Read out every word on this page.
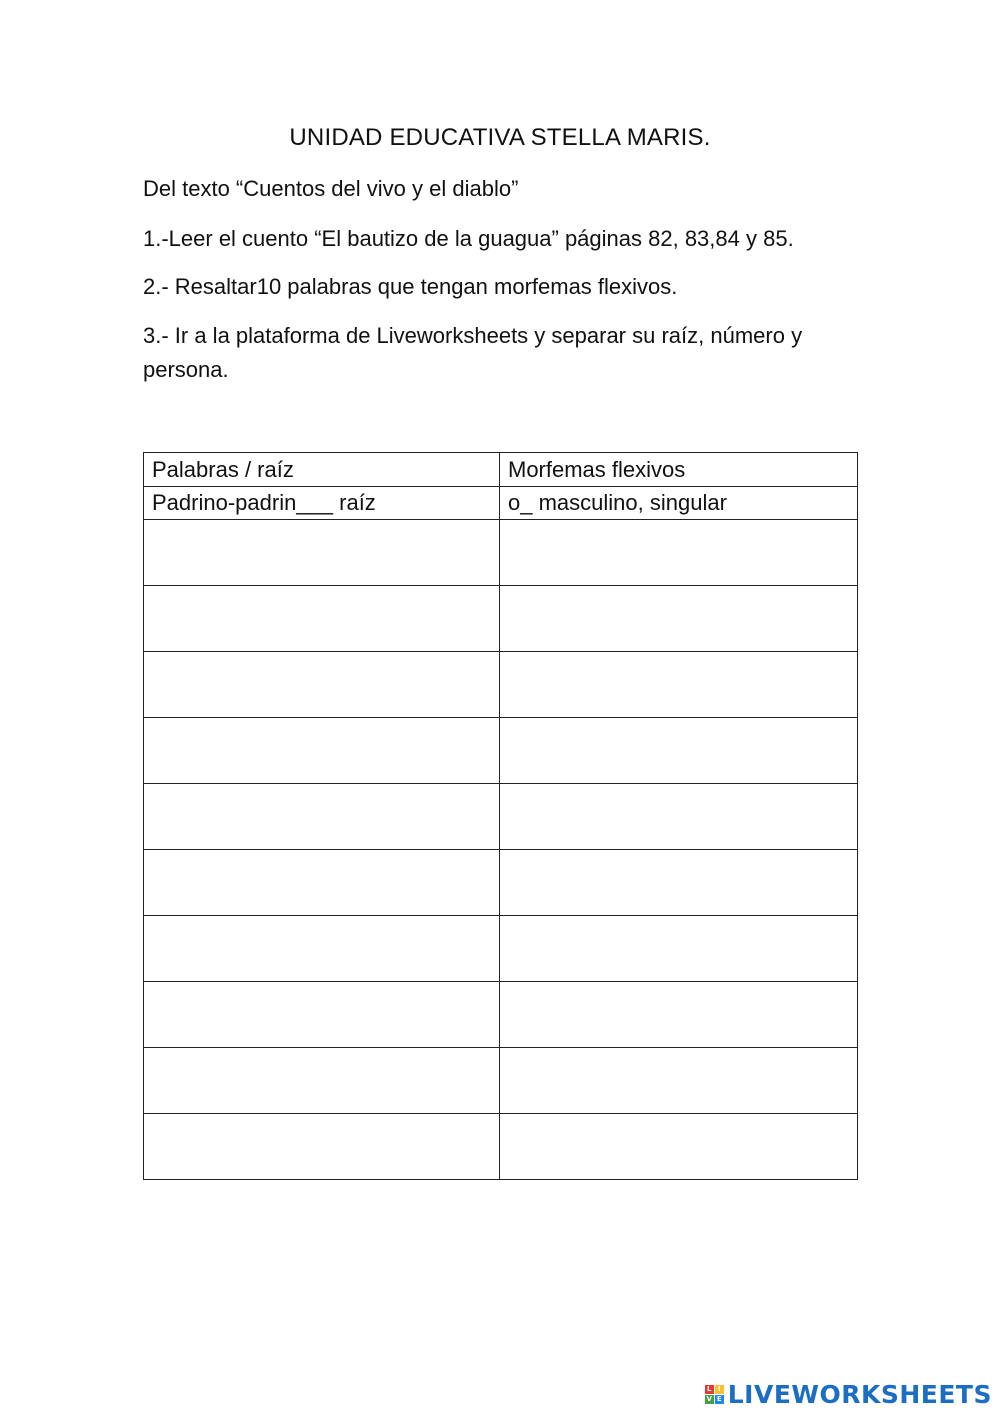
UNIDAD EDUCATIVA STELLA MARIS.
Del texto “Cuentos del vivo y el diablo”
1.-Leer el cuento “El bautizo de la guagua” páginas 82, 83,84 y 85.
2.- Resaltar10 palabras que tengan morfemas flexivos.
3.- Ir a la plataforma de Liveworksheets y separar su raíz, número y persona.
Palabras / raíz	Morfemas flexivos
Padrino-padrin___ raíz	o_ masculino, singular

L I
V E LIVEWORKSHEETS
